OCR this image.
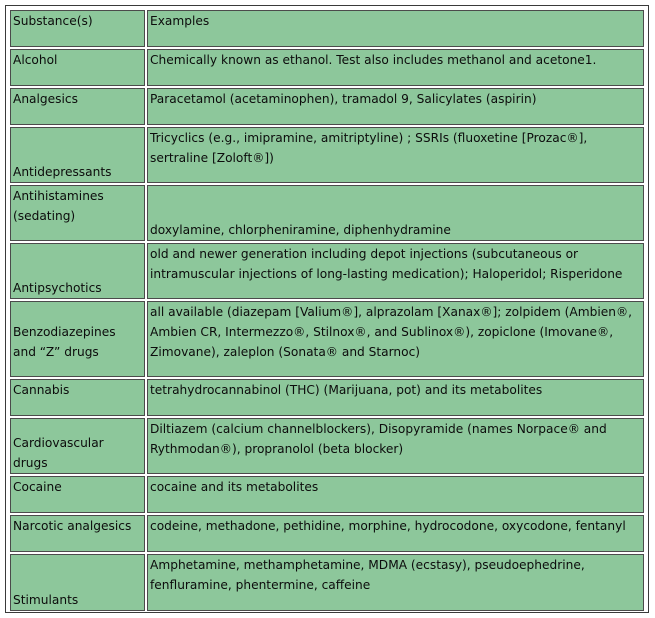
Substance(s)	Examples
Alcohol	Chemically known as ethanol. Test also includes methanol and acetone1.
Analgesics	Paracetamol (acetaminophen), tramadol 9, Salicylates (aspirin)
Antidepressants	Tricyclics (e.g., imipramine, amitriptyline) ; SSRIs (fluoxetine [Prozac®], sertraline [Zoloft®])
Antihistamines (sedating)	doxylamine, chlorpheniramine, diphenhydramine
Antipsychotics	old and newer generation including depot injections (subcutaneous or intramuscular injections of long-lasting medication); Haloperidol; Risperidone
Benzodiazepines and “Z” drugs	all available (diazepam [Valium®], alprazolam [Xanax®]; zolpidem (Ambien®, Ambien CR, Intermezzo®, Stilnox®, and Sublinox®), zopiclone (Imovane®, Zimovane), zaleplon (Sonata® and Starnoc)
Cannabis	tetrahydrocannabinol (THC) (Marijuana, pot) and its metabolites
Cardiovascular drugs	Diltiazem (calcium channelblockers), Disopyramide (names Norpace® and Rythmodan®), propranolol (beta blocker)
Cocaine	cocaine and its metabolites
Narcotic analgesics	codeine, methadone, pethidine, morphine, hydrocodone, oxycodone, fentanyl
Stimulants	Amphetamine, methamphetamine, MDMA (ecstasy), pseudoephedrine, fenfluramine, phentermine, caffeine
